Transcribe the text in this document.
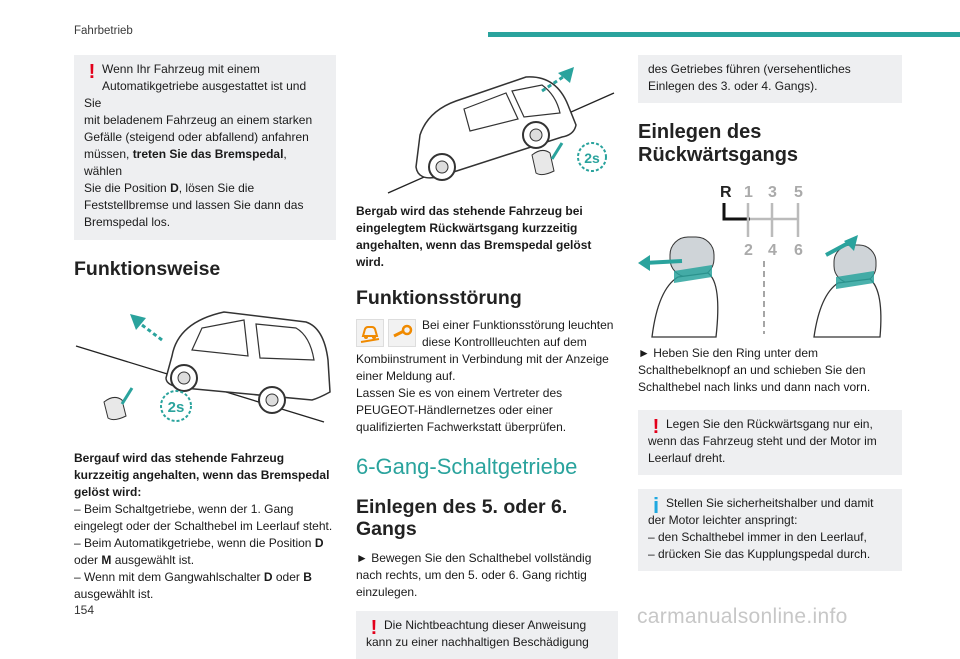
Fahrbetrieb
! Wenn Ihr Fahrzeug mit einem
Automatikgetriebe ausgestattet ist und Sie
mit beladenem Fahrzeug an einem starken
Gefälle (steigend oder abfallend) anfahren
müssen, treten Sie das Bremspedal, wählen
Sie die Position D, lösen Sie die
Feststellbremse und lassen Sie dann das
Bremspedal los.
Funktionsweise
2s

Bergauf wird das stehende Fahrzeug kurzzeitig angehalten, wenn das Bremspedal gelöst wird:

– Beim Schaltgetriebe, wenn der 1. Gang eingelegt oder der Schalthebel im Leerlauf steht.

– Beim Automatikgetriebe, wenn die Position D oder M ausgewählt ist.

– Wenn mit dem Gangwahlschalter D oder B ausgewählt ist.

2s

Bergab wird das stehende Fahrzeug bei eingelegtem Rückwärtsgang kurzzeitig angehalten, wenn das Bremspedal gelöst wird.

Funktionsstörung

Bei einer Funktionsstörung leuchten diese Kontrollleuchten auf dem Kombiinstrument in Verbindung mit der Anzeige einer Meldung auf.

Lassen Sie es von einem Vertreter des PEUGEOT-Händlernetzes oder einer qualifizierten Fachwerkstatt überprüfen.

6-Gang-Schaltgetriebe
Einlegen des 5. oder 6. Gangs

► Bewegen Sie den Schalthebel vollständig nach rechts, um den 5. oder 6. Gang richtig einzulegen.

! Die Nichtbeachtung dieser Anweisung kann zu einer nachhaltigen Beschädigung
des Getriebes führen (versehentliches Einlegen des 3. oder 4. Gangs).
Einlegen des Rückwärtsgangs
R 1 3 5
2 4 6

► Heben Sie den Ring unter dem Schalthebelknopf an und schieben Sie den Schalthebel nach links und dann nach vorn.

! Legen Sie den Rückwärtsgang nur ein, wenn das Fahrzeug steht und der Motor im Leerlauf dreht.
i Stellen Sie sicherheitshalber und damit der Motor leichter anspringt:
– den Schalthebel immer in den Leerlauf,
– drücken Sie das Kupplungspedal durch.
154	carmanualsonline.info
